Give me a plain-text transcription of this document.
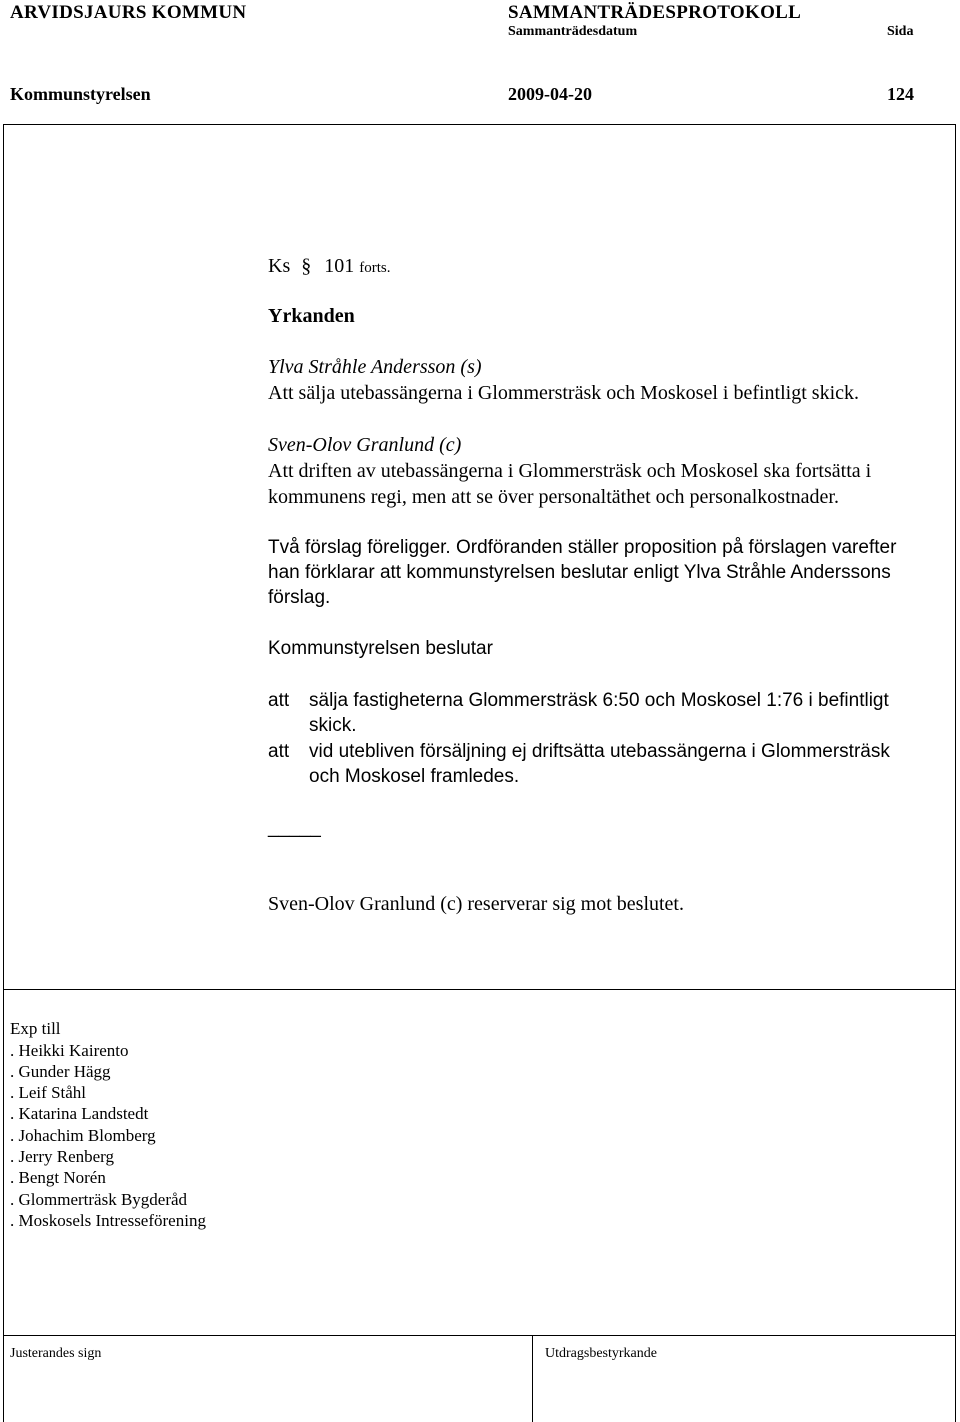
ARVIDSJAURS KOMMUN	SAMMANTRÄDESPROTOKOLL
Sammanträdesdatum	Sida
Kommunstyrelsen	2009-04-20	124
Ks § 101 forts.
Yrkanden
Ylva Stråhle Andersson (s)
Att sälja utebassängerna i Glommersträsk och Moskosel i befintligt skick.
Sven-Olov Granlund (c)
Att driften av utebassängerna i Glommersträsk och Moskosel ska fortsätta i
kommunens regi, men att se över personaltäthet och personalkostnader.
Två förslag föreligger. Ordföranden ställer proposition på förslagen varefter
han förklarar att kommunstyrelsen beslutar enligt Ylva Stråhle Anderssons
förslag.
Kommunstyrelsen beslutar
att sälja fastigheterna Glommersträsk 6:50 och Moskosel 1:76 i befintligt
skick.
att vid utebliven försäljning ej driftsätta utebassängerna i Glommersträsk
och Moskosel framledes.
_____
Sven-Olov Granlund (c) reserverar sig mot beslutet.
Exp till
. Heikki Kairento
. Gunder Hägg
. Leif Ståhl
. Katarina Landstedt
. Johachim Blomberg
. Jerry Renberg
. Bengt Norén
. Glommerträsk Bygderåd
. Moskosels Intresseförening
Justerandes sign	Utdragsbestyrkande
